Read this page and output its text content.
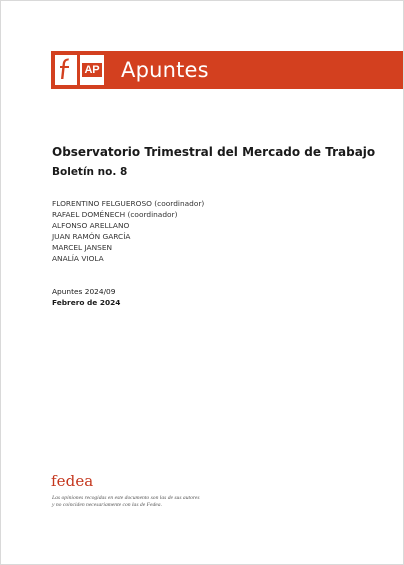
AP Apuntes
Observatorio Trimestral del Mercado de Trabajo
Boletín no. 8
FLORENTINO FELGUEROSO (coordinador)
RAFAEL DOMÉNECH (coordinador)
ALFONSO ARELLANO
JUAN RAMÓN GARCÍA
MARCEL JANSEN
ANALÍA VIOLA
Apuntes 2024/09
Febrero de 2024
fedea
Las opiniones recogidas en este documento son las de sus autores
y no coinciden necesariamente con las de Fedea.
